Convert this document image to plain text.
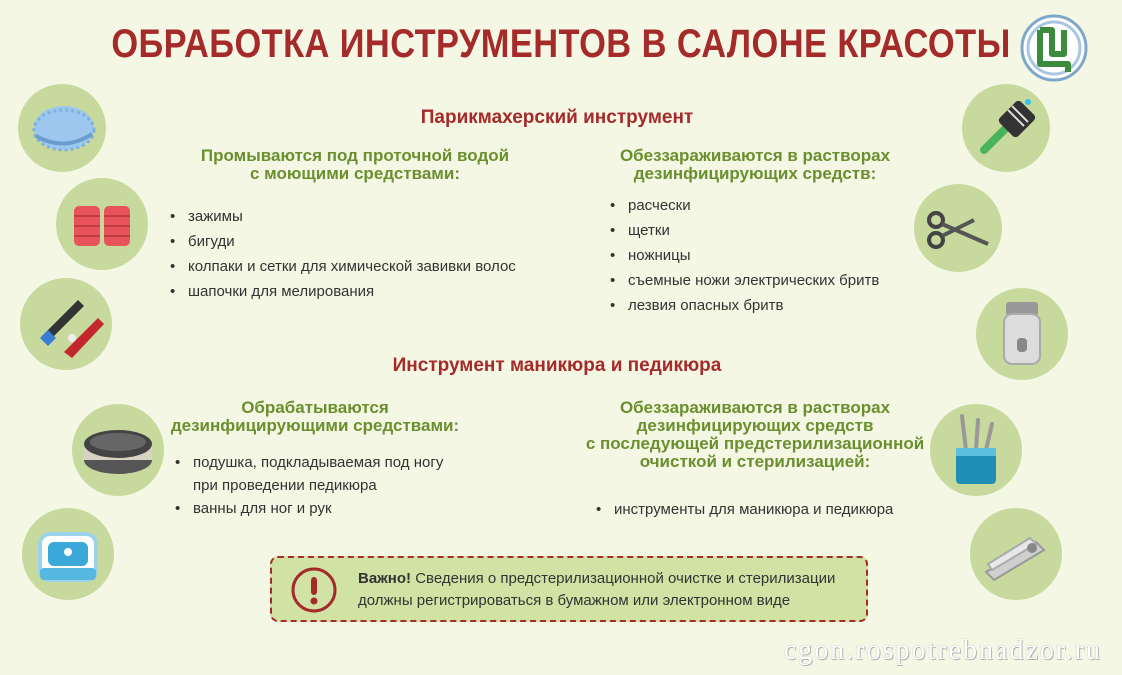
ОБРАБОТКА ИНСТРУМЕНТОВ В САЛОНЕ КРАСОТЫ
Парикмахерский инструмент
Промываются под проточной водой
с моющими средствами:
• зажимы
• бигуди
• колпаки и сетки для химической завивки волос
• шапочки для мелирования
Обеззараживаются в растворах
дезинфицирующих средств:
• расчески
• щетки
• ножницы
• съемные ножи электрических бритв
• лезвия опасных бритв
Инструмент маникюра и педикюра
Обрабатываются
дезинфицирующими средствами:
• подушка, подкладываемая под ногу
при проведении педикюра
• ванны для ног и рук
Обеззараживаются в растворах
дезинфицирующих средств
с последующей предстерилизационной
очисткой и стерилизацией:
• инструменты для маникюра и педикюра
Важно! Сведения о предстерилизационной очистке и стерилизации
должны регистрироваться в бумажном или электронном виде
cgon.rospotrebnadzor.ru
